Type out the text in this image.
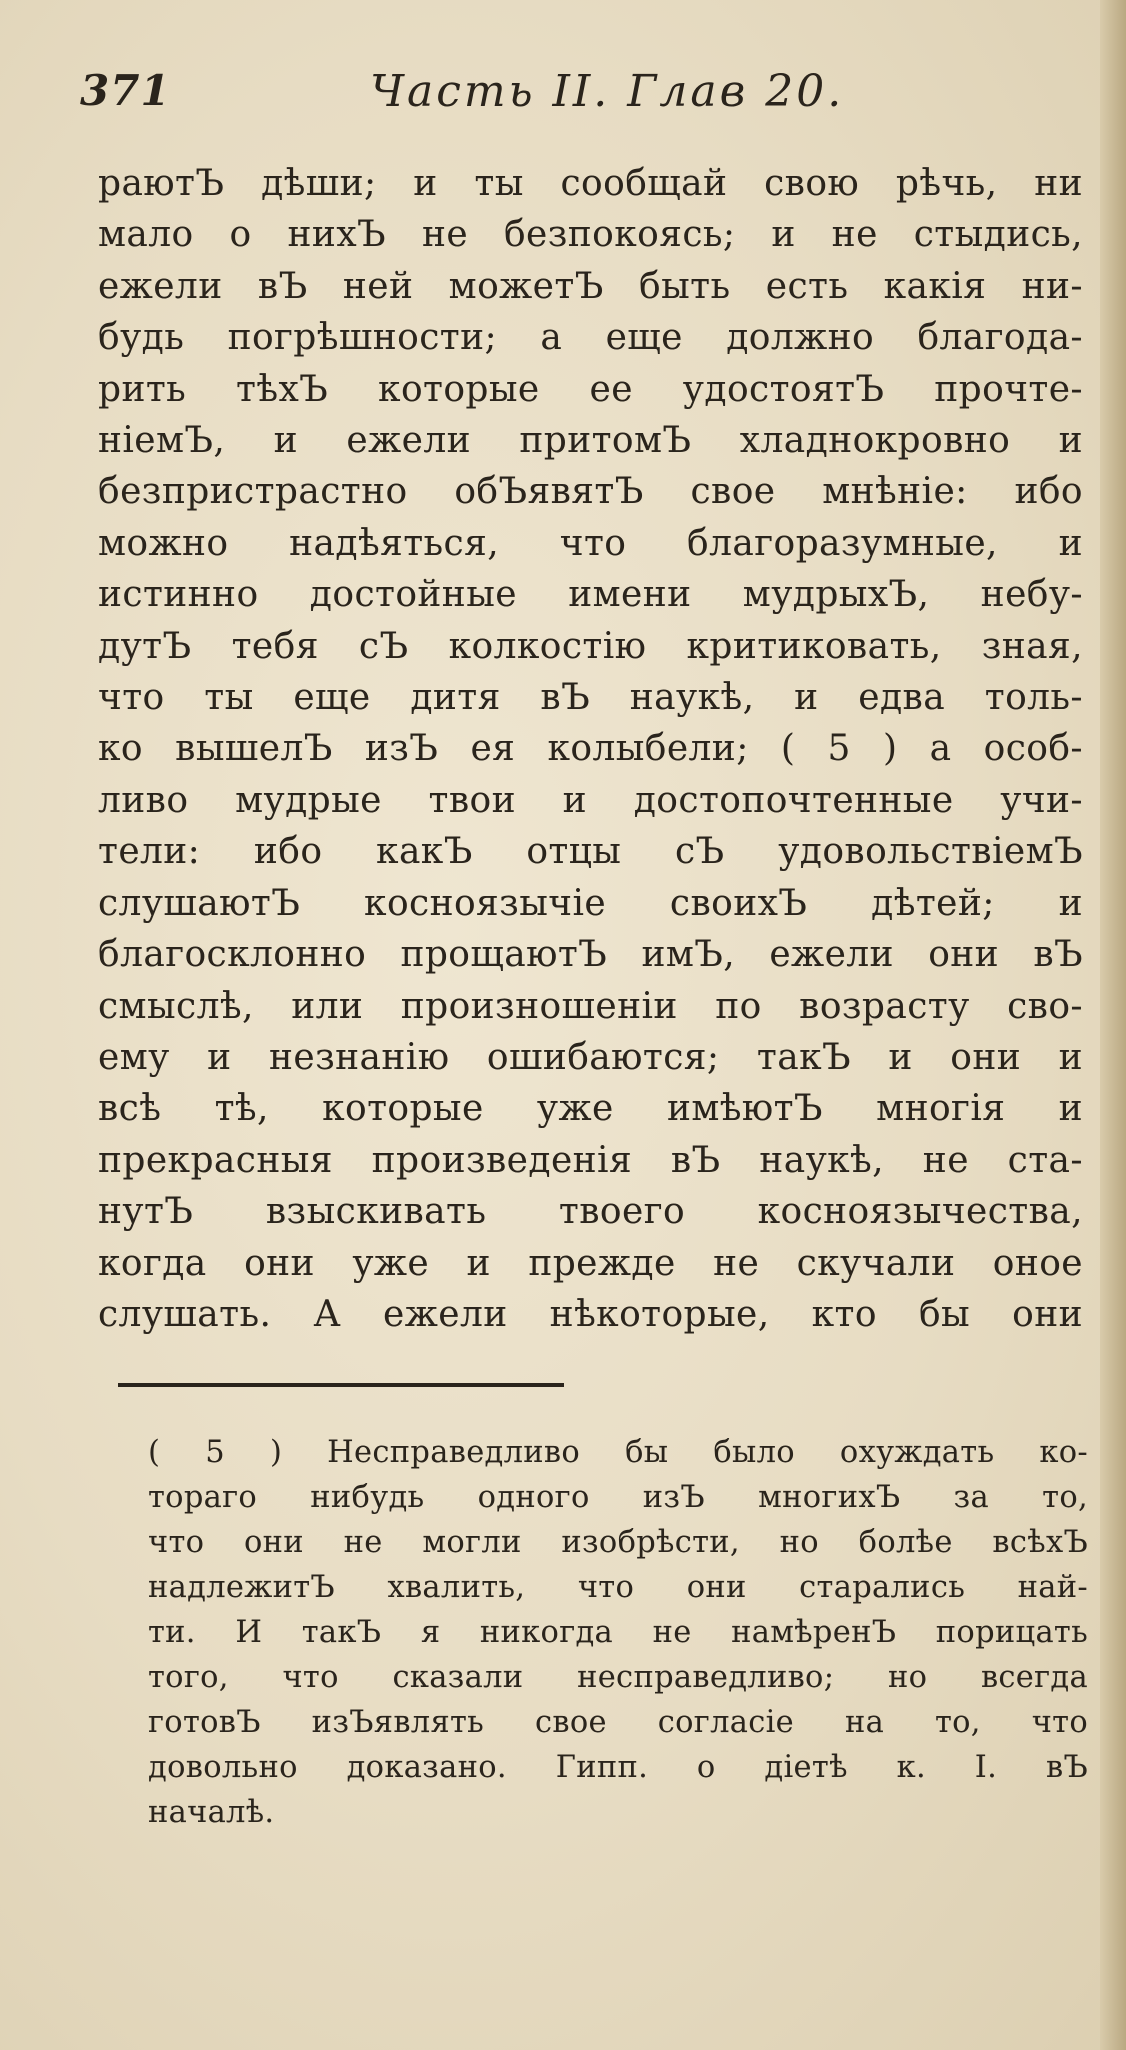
371	Часть II. Глав 20.
раютЪ дѣши; и ты сообщай свою рѣчь, ни
мало о нихЪ не безпокоясь; и не стыдись,
ежели вЪ ней можетЪ быть есть какія ни-
будь погрѣшности; а еще должно благода-
рить тѣхЪ которые ее удостоятЪ прочте-
ніемЪ, и ежели притомЪ хладнокровно и
безпристрастно обЪявятЪ свое мнѣніе: ибо
можно надѣяться, что благоразумные, и
истинно достойные имени мудрыхЪ, небу-
дутЪ тебя сЪ колкостію критиковать, зная,
что ты еще дитя вЪ наукѣ, и едва толь-
ко вышелЪ изЪ ея колыбели; ( 5 ) а особ-
ливо мудрые твои и достопочтенные учи-
тели: ибо какЪ отцы сЪ удовольствіемЪ
слушаютЪ косноязычіе своихЪ дѣтей; и
благосклонно прощаютЪ имЪ, ежели они вЪ
смыслѣ, или произношеніи по возрасту сво-
ему и незнанію ошибаются; такЪ и они и
всѣ тѣ, которые уже имѣютЪ многія и
прекрасныя произведенія вЪ наукѣ, не ста-
нутЪ взыскивать твоего косноязычества,
когда они уже и прежде не скучали оное
слушать. А ежели нѣкоторые, кто бы они
( 5 ) Несправедливо бы было охуждать ко-
тораго нибудь одного изЪ многихЪ за то,
что они не могли изобрѣсти, но болѣе всѣхЪ
надлежитЪ хвалить, что они старались най-
ти. И такЪ я никогда не намѣренЪ порицать
того, что сказали несправедливо; но всегда
готовЪ изЪявлять свое согласіе на то, что
довольно доказано. Гипп. о діетѣ к. I. вЪ
началѣ.
